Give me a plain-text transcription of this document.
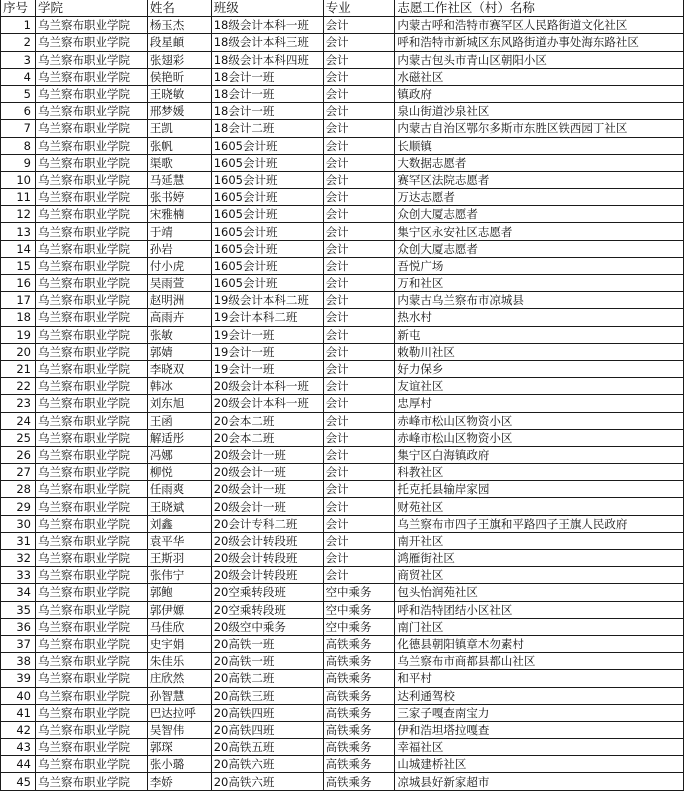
序号	学院	姓名	班级	专业	志愿工作社区（村）名称
1	乌兰察布职业学院	杨玉杰	18级会计本科一班	会计	内蒙古呼和浩特市赛罕区人民路街道文化社区
2	乌兰察布职业学院	段星頔	18级会计本科三班	会计	呼和浩特市新城区东风路街道办事处海东路社区
3	乌兰察布职业学院	张翅彩	18级会计本科四班	会计	内蒙古包头市青山区朝阳小区
4	乌兰察布职业学院	侯艳昕	18会计一班	会计	水磁社区
5	乌兰察布职业学院	王晓敏	18会计一班	会计	镇政府
6	乌兰察布职业学院	邢梦媛	18会计一班	会计	泉山街道沙泉社区
7	乌兰察布职业学院	王凯	18会计二班	会计	内蒙古自治区鄂尔多斯市东胜区铁西园丁社区
8	乌兰察布职业学院	张帆	1605会计班	会计	长顺镇
9	乌兰察布职业学院	渠歌	1605会计班	会计	大数据志愿者
10	乌兰察布职业学院	马延慧	1605会计班	会计	赛罕区法院志愿者
11	乌兰察布职业学院	张书婷	1605会计班	会计	万达志愿者
12	乌兰察布职业学院	宋雅楠	1605会计班	会计	众创大厦志愿者
13	乌兰察布职业学院	于靖	1605会计班	会计	集宁区永安社区志愿者
14	乌兰察布职业学院	孙岩	1605会计班	会计	众创大厦志愿者
15	乌兰察布职业学院	付小虎	1605会计班	会计	吾悦广场
16	乌兰察布职业学院	吴雨萱	1605会计班	会计	万和社区
17	乌兰察布职业学院	赵明洲	19级会计本科二班	会计	内蒙古乌兰察布市凉城县
18	乌兰察布职业学院	高雨卉	19会计本科二班	会计	热水村
19	乌兰察布职业学院	张敏	19会计一班	会计	新屯
20	乌兰察布职业学院	郭婧	19会计一班	会计	敕勒川社区
21	乌兰察布职业学院	李晓双	19会计一班	会计	好力保乡
22	乌兰察布职业学院	韩冰	20级会计本科一班	会计	友谊社区
23	乌兰察布职业学院	刘东旭	20级会计本科一班	会计	忠厚村
24	乌兰察布职业学院	王函	20会本二班	会计	赤峰市松山区物资小区
25	乌兰察布职业学院	解适彤	20会本二班	会计	赤峰市松山区物资小区
26	乌兰察布职业学院	冯娜	20级会计一班	会计	集宁区白海镇政府
27	乌兰察布职业学院	柳悦	20级会计一班	会计	科教社区
28	乌兰察布职业学院	任雨爽	20级会计一班	会计	托克托县输岸家园
29	乌兰察布职业学院	王晓斌	20级会计一班	会计	财苑社区
30	乌兰察布职业学院	刘鑫	20会计专科二班	会计	乌兰察布市四子王旗和平路四子王旗人民政府
31	乌兰察布职业学院	袁平华	20级会计转段班	会计	南开社区
32	乌兰察布职业学院	王斯羽	20级会计转段班	会计	鸿雁街社区
33	乌兰察布职业学院	张伟宁	20级会计转段班	会计	商贸社区
34	乌兰察布职业学院	郭鲍	20空乘转段班	空中乘务	包头怡润苑社区
35	乌兰察布职业学院	郭伊嫄	20空乘转段班	空中乘务	呼和浩特团结小区社区
36	乌兰察布职业学院	马佳欣	20级空中乘务	空中乘务	南门社区
37	乌兰察布职业学院	史宇娟	20高铁一班	高铁乘务	化德县朝阳镇章木勿素村
38	乌兰察布职业学院	朱佳乐	20高铁一班	高铁乘务	乌兰察布市商都县都山社区
39	乌兰察布职业学院	庄欣然	20高铁二班	高铁乘务	和平村
40	乌兰察布职业学院	孙智慧	20高铁三班	高铁乘务	达利通驾校
41	乌兰察布职业学院	巴达拉呼	20高铁四班	高铁乘务	三家子嘎查南宝力
42	乌兰察布职业学院	吴智伟	20高铁四班	高铁乘务	伊和浩坦塔拉嘎查
43	乌兰察布职业学院	郭琛	20高铁五班	高铁乘务	幸福社区
44	乌兰察布职业学院	张小璐	20高铁六班	高铁乘务	山城建桥社区
45	乌兰察布职业学院	李娇	20高铁六班	高铁乘务	凉城县好新家超市
